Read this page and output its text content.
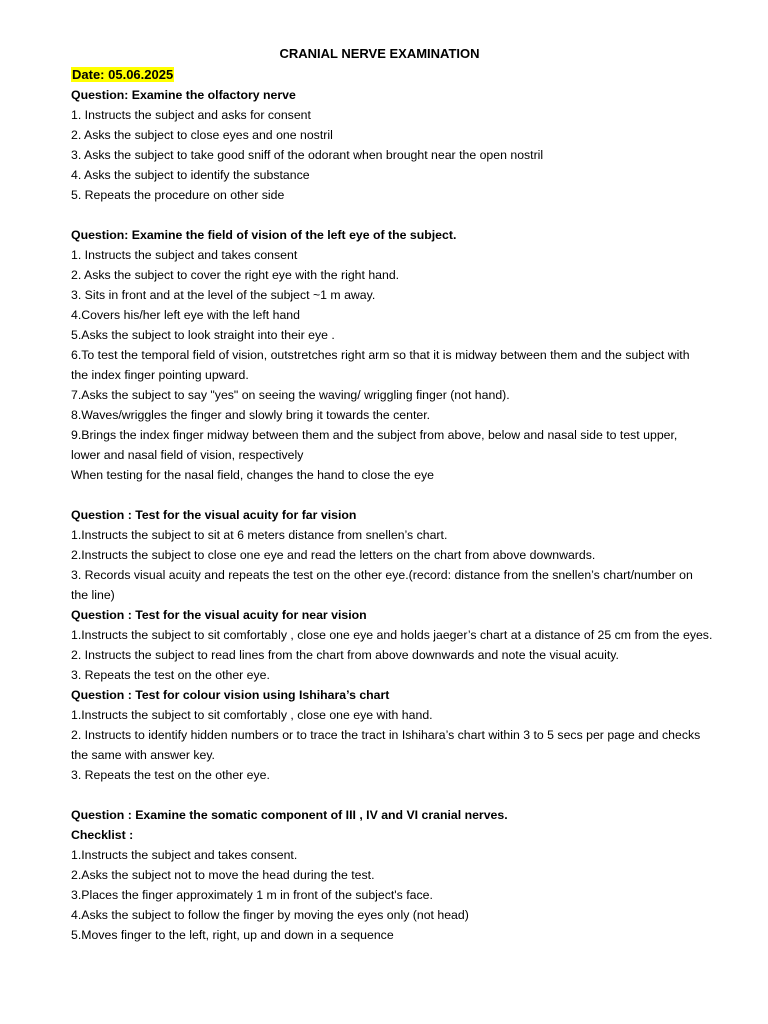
CRANIAL NERVE EXAMINATION
Date: 05.06.2025
Question: Examine the olfactory nerve
1. Instructs the subject and asks for consent
2. Asks the subject to close eyes and one nostril
3. Asks the subject to take good sniff of the odorant when brought near the open nostril
4. Asks the subject to identify the substance
5. Repeats the procedure on other side
Question: Examine the field of vision of the left eye of the subject.
1. Instructs the subject and takes consent
2. Asks the subject to cover the right eye with the right hand.
3. Sits in front and at the level of the subject ~1 m away.
4.Covers his/her left eye with the left hand
5.Asks the subject to look straight into their eye .
6.To test the temporal field of vision, outstretches right arm so that it is midway between them and the subject with
the index finger pointing upward.
7.Asks the subject to say "yes" on seeing the waving/ wriggling finger (not hand).
8.Waves/wriggles the finger and slowly bring it towards the center.
9.Brings the index finger midway between them and the subject from above, below and nasal side to test upper,
lower and nasal field of vision, respectively
When testing for the nasal field, changes the hand to close the eye
Question : Test for the visual acuity for far vision
1.Instructs the subject to sit at 6 meters distance from snellen’s chart.
2.Instructs the subject to close one eye and read the letters on the chart from above downwards.
3. Records visual acuity and repeats the test on the other eye.(record: distance from the snellen’s chart/number on
the line)
Question : Test for the visual acuity for near vision
1.Instructs the subject to sit comfortably , close one eye and holds jaeger’s chart at a distance of 25 cm from the eyes.
2. Instructs the subject to read lines from the chart from above downwards and note the visual acuity.
3. Repeats the test on the other eye.
Question : Test for colour vision using Ishihara’s chart
1.Instructs the subject to sit comfortably , close one eye with hand.
2. Instructs to identify hidden numbers or to trace the tract in Ishihara’s chart within 3 to 5 secs per page and checks
the same with answer key.
3. Repeats the test on the other eye.
Question : Examine the somatic component of III , IV and VI cranial nerves.
Checklist :
1.Instructs the subject and takes consent.
2.Asks the subject not to move the head during the test.
3.Places the finger approximately 1 m in front of the subject's face.
4.Asks the subject to follow the finger by moving the eyes only (not head)
5.Moves finger to the left, right, up and down in a sequence
